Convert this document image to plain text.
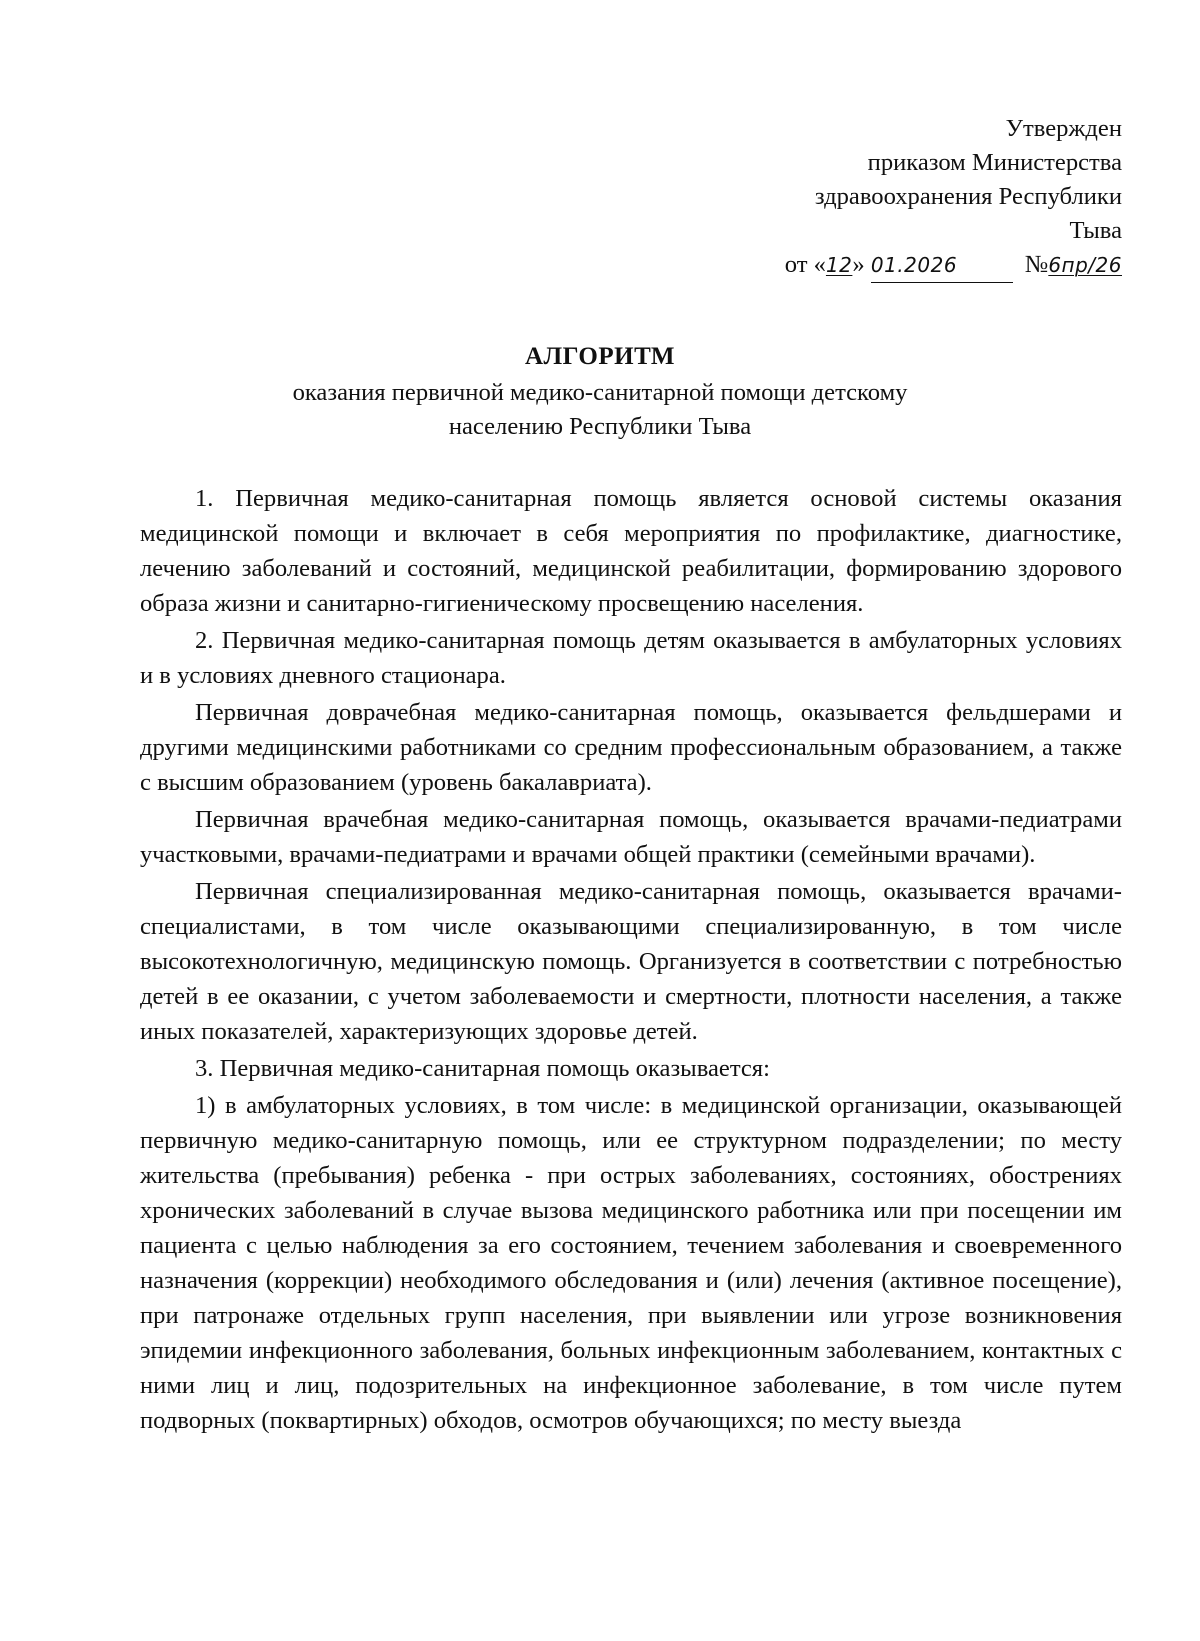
Утвержден
приказом Министерства
здравоохранения Республики
Тыва
от «12» 01.2026	№6пр/26
АЛГОРИТМ
оказания первичной медико-санитарной помощи детскому
населению Республики Тыва

1. Первичная медико-санитарная помощь является основой системы оказания медицинской помощи и включает в себя мероприятия по профилактике, диагностике, лечению заболеваний и состояний, медицинской реабилитации, формированию здорового образа жизни и санитарно-гигиеническому просвещению населения.

2. Первичная медико-санитарная помощь детям оказывается в амбулаторных условиях и в условиях дневного стационара.

Первичная доврачебная медико-санитарная помощь, оказывается фельдшерами и другими медицинскими работниками со средним профессиональным образованием, а также с высшим образованием (уровень бакалавриата).

Первичная врачебная медико-санитарная помощь, оказывается врачами-педиатрами участковыми, врачами-педиатрами и врачами общей практики (семейными врачами).

Первичная специализированная медико-санитарная помощь, оказывается врачами-специалистами, в том числе оказывающими специализированную, в том числе высокотехнологичную, медицинскую помощь. Организуется в соответствии с потребностью детей в ее оказании, с учетом заболеваемости и смертности, плотности населения, а также иных показателей, характеризующих здоровье детей.

3. Первичная медико-санитарная помощь оказывается:

1) в амбулаторных условиях, в том числе: в медицинской организации, оказывающей первичную медико-санитарную помощь, или ее структурном подразделении; по месту жительства (пребывания) ребенка - при острых заболеваниях, состояниях, обострениях хронических заболеваний в случае вызова медицинского работника или при посещении им пациента с целью наблюдения за его состоянием, течением заболевания и своевременного назначения (коррекции) необходимого обследования и (или) лечения (активное посещение), при патронаже отдельных групп населения, при выявлении или угрозе возникновения эпидемии инфекционного заболевания, больных инфекционным заболеванием, контактных с ними лиц и лиц, подозрительных на инфекционное заболевание, в том числе путем подворных (поквартирных) обходов, осмотров обучающихся; по месту выезда
